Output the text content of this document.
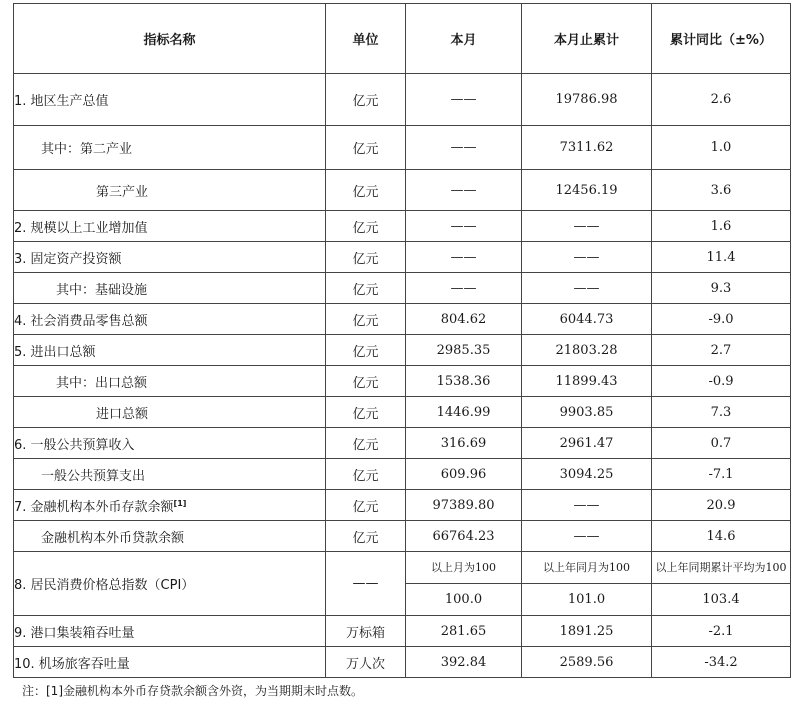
指标名称	单位	本月	本月止累计	累计同比（±%）
1. 地区生产总值	亿元	——	19786.98	2.6
其中：第二产业	亿元	——	7311.62	1.0
第三产业	亿元	——	12456.19	3.6
2. 规模以上工业增加值	亿元	——	——	1.6
3. 固定资产投资额	亿元	——	——	11.4
其中：基础设施	亿元	——	——	9.3
4. 社会消费品零售总额	亿元	804.62	6044.73	-9.0
5. 进出口总额	亿元	2985.35	21803.28	2.7
其中：出口总额	亿元	1538.36	11899.43	-0.9
进口总额	亿元	1446.99	9903.85	7.3
6. 一般公共预算收入	亿元	316.69	2961.47	0.7
一般公共预算支出	亿元	609.96	3094.25	-7.1
7. 金融机构本外币存款余额[1]	亿元	97389.80	——	20.9
金融机构本外币贷款余额	亿元	66764.23	——	14.6
8. 居民消费价格总指数（CPI）	——	以上月为100	以上年同月为100	以上年同期累计平均为100
		100.0	101.0	103.4
9. 港口集装箱吞吐量	万标箱	281.65	1891.25	-2.1
10. 机场旅客吞吐量	万人次	392.84	2589.56	-34.2
注：[1]金融机构本外币存贷款余额含外资，为当期期末时点数。
